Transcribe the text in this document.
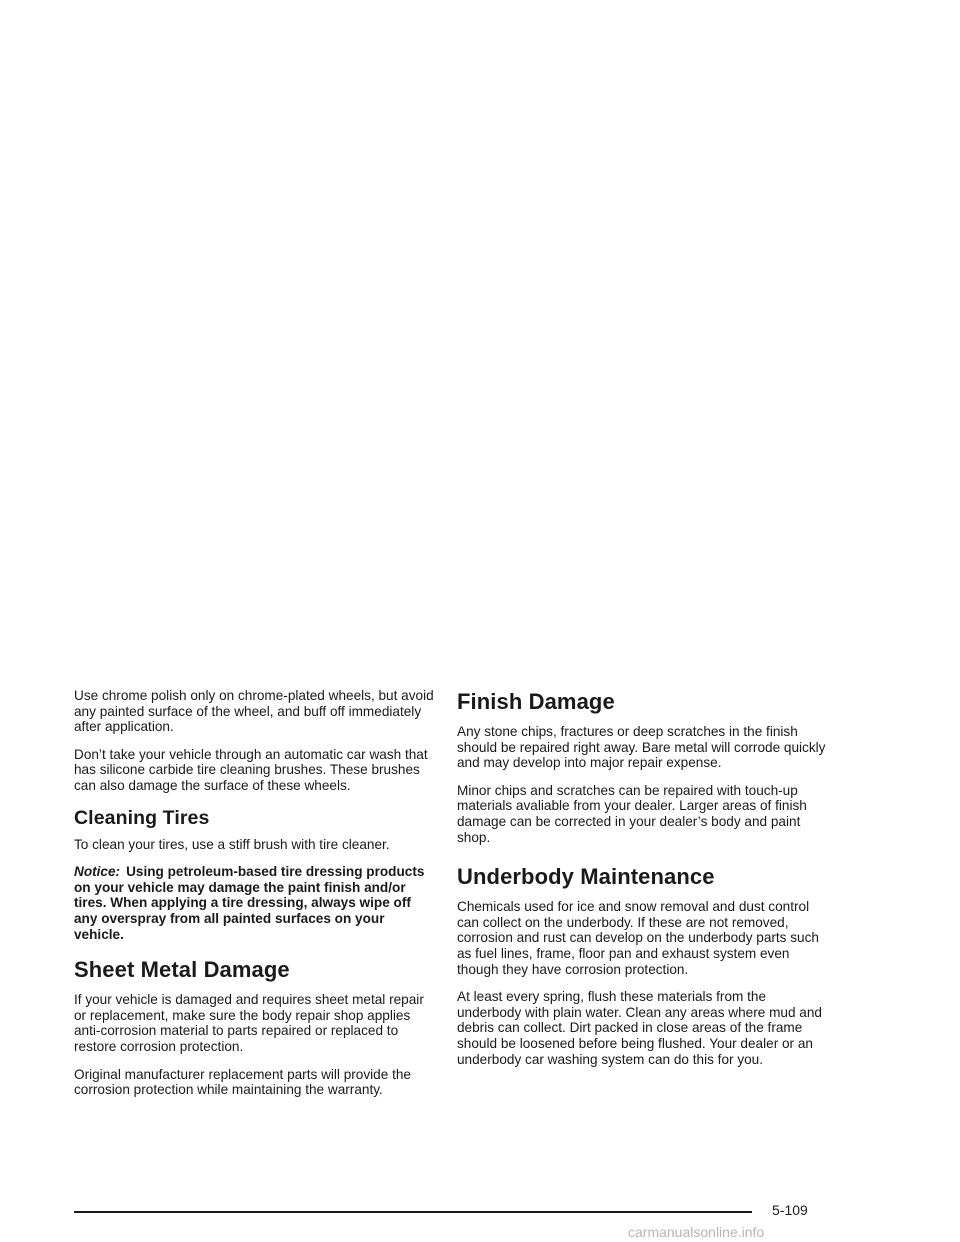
Use chrome polish only on chrome-plated wheels, but avoid any painted surface of the wheel, and buff off immediately after application.

Don’t take your vehicle through an automatic car wash that has silicone carbide tire cleaning brushes. These brushes can also damage the surface of these wheels.

Cleaning Tires

To clean your tires, use a stiff brush with tire cleaner.

Notice: Using petroleum-based tire dressing products on your vehicle may damage the paint finish and/or tires. When applying a tire dressing, always wipe off any overspray from all painted surfaces on your vehicle.

Sheet Metal Damage

If your vehicle is damaged and requires sheet metal repair or replacement, make sure the body repair shop applies anti-corrosion material to parts repaired or replaced to restore corrosion protection.

Original manufacturer replacement parts will provide the corrosion protection while maintaining the warranty.

Finish Damage

Any stone chips, fractures or deep scratches in the finish should be repaired right away. Bare metal will corrode quickly and may develop into major repair expense.

Minor chips and scratches can be repaired with touch-up materials avaliable from your dealer. Larger areas of finish damage can be corrected in your dealer’s body and paint shop.

Underbody Maintenance

Chemicals used for ice and snow removal and dust control can collect on the underbody. If these are not removed, corrosion and rust can develop on the underbody parts such as fuel lines, frame, floor pan and exhaust system even though they have corrosion protection.

At least every spring, flush these materials from the underbody with plain water. Clean any areas where mud and debris can collect. Dirt packed in close areas of the frame should be loosened before being flushed. Your dealer or an underbody car washing system can do this for you.

5-109
carmanualsonline.info
